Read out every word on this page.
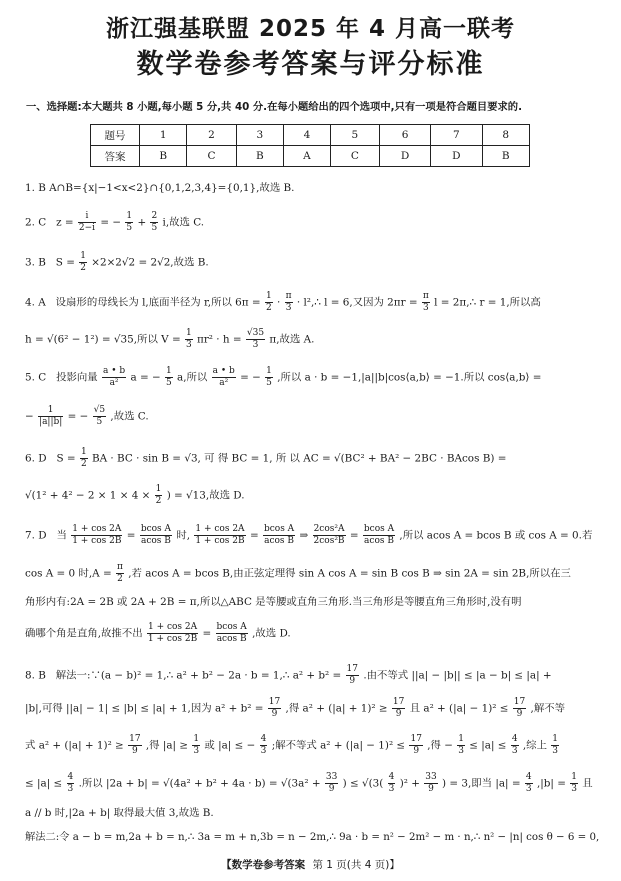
浙江强基联盟 2025 年 4 月高一联考
数学卷参考答案与评分标准
一、选择题:本大题共 8 小题,每小题 5 分,共 40 分.在每小题给出的四个选项中,只有一项是符合题目要求的.
题号	1	2	3	4	5	6	7	8
答案	B	C	B	A	C	D	D	B
1. B A∩B={x|−1<x<2}∩{0,1,2,3,4}={0,1},故选 B.
2. C $z = \frac{i}{2-i}$ = − $\frac{1}{5} + \frac{2}{5} i$,故选 C.
3. B $S = \frac{1}{2} \times 2\times 2√2 = 2√2$,故选 B.
4. A 设扇形的母线长为 l,底面半径为 r,所以 $6\pi = \frac{1}{2} \cdot \frac{\pi}{3}$ · l²,∴ l = 6,又因为 $2\pi r = \frac{\pi}{3}$ l = 2π,∴ r = 1,所以高
h = √(6² − 1²) = √35,所以 $V = \frac{1}{3} \pi r^2 \cdot h = \frac{√35}{3} \pi$,故选 A.
5. C 投影向量 $\frac{a • b}{\text{a²}}$ a = − $\frac{1}{5} a$,所以 $\frac{a • b}{\text{a²}}$ = − $\frac{1}{5}$ ,所以 a · b = −1,|a||b|cos⟨a,b⟩ = −1.所以 cos⟨a,b⟩ =
− $\frac{1}{|a||b|}$ = − $\frac{√5}{5}$ ,故选 C.
6. D $S = \frac{1}{2}$ BA · BC · sin B = √3, 可 得 BC = 1, 所 以 AC = √(BC² + BA² − 2BC · BAcos B) =
$√(1^2 + 4^2 - 2 \times 1 \times 4 \times \frac{1}{2}$ ) = √13,故选 D.
7. D 当 $\frac{1 + \cos 2A}{1 + \cos 2B} = \frac{\text{bcos A}}{\text{acos B}}$ 时, $\frac{1 + \cos 2A}{1 + \cos 2B} = \frac{\text{bcos A}}{\text{acos B}}$ ⇒ $\frac{\text{2cos²A}}{\text{2cos²B}} = \frac{\text{bcos A}}{\text{acos B}}$ ,所以 acos A = bcos B 或 cos A = 0.若
cos A = 0 时$,A = \frac{\pi}{2}$ ,若 acos A = bcos B,由正弦定理得 sin A cos A = sin B cos B ⇒ sin 2A = sin 2B,所以在三
角形内有:2A = 2B 或 2A + 2B = π,所以△ABC 是等腰或直角三角形.当三角形是等腰直角三角形时,没有明
确哪个角是直角,故推不出 $\frac{1 + \cos 2A}{1 + \cos 2B} = \frac{\text{bcos A}}{\text{acos B}}$ ,故选 D.
8. B 解法一:∵(a − b)² = 1,∴ a² + b² − 2a · b = 1,∴ $a^2 + b^2 = \frac{17}{9}$ .由不等式 ||a| − |b|| ≤ |a − b| ≤ |a| +
|b|,可得 ||a| − 1| ≤ |b| ≤ |a| + 1,因为 $a^2 + b^2 = \frac{17}{9}$ ,得 $a^2 + (|a| + 1)^2 \ge \frac{17}{9}$ 且 $a^2 + (|a| - 1)^2 \le \frac{17}{9}$ ,解不等
式 $a^2 + (|a| + 1)^2 \ge \frac{17}{9}$ ,得 $|a| \ge \frac{1}{3}$ 或 |a| ≤ − $\frac{4}{3}$ ;解不等式 $a^2 + (|a| - 1)^2 \le \frac{17}{9}$ ,得 − $\frac{1}{3} \le |a| \le \frac{4}{3}$ ,综上 $\frac{1}{3}$
≤ $|a| \le \frac{4}{3}$ .所以 $|2a + b| = √(4a^2 + b^2 + 4a \cdot b) = √(3a^2 + \frac{33}{9}$ ) ≤ $√(3( \frac{4}{3} )^2 + \frac{33}{9}$ ) = 3,即当 $|a| = \frac{4}{3} ,|b| = \frac{1}{3}$ 且
a // b 时,|2a + b| 取得最大值 3,故选 B.
解法二:令 a − b = m,2a + b = n,∴ 3a = m + n,3b = n − 2m,∴ 9a · b = n² − 2m² − m · n,∴ n² − |n| cos θ − 6 = 0,
【数学卷参考答案 第 1 页(共 4 页)】
